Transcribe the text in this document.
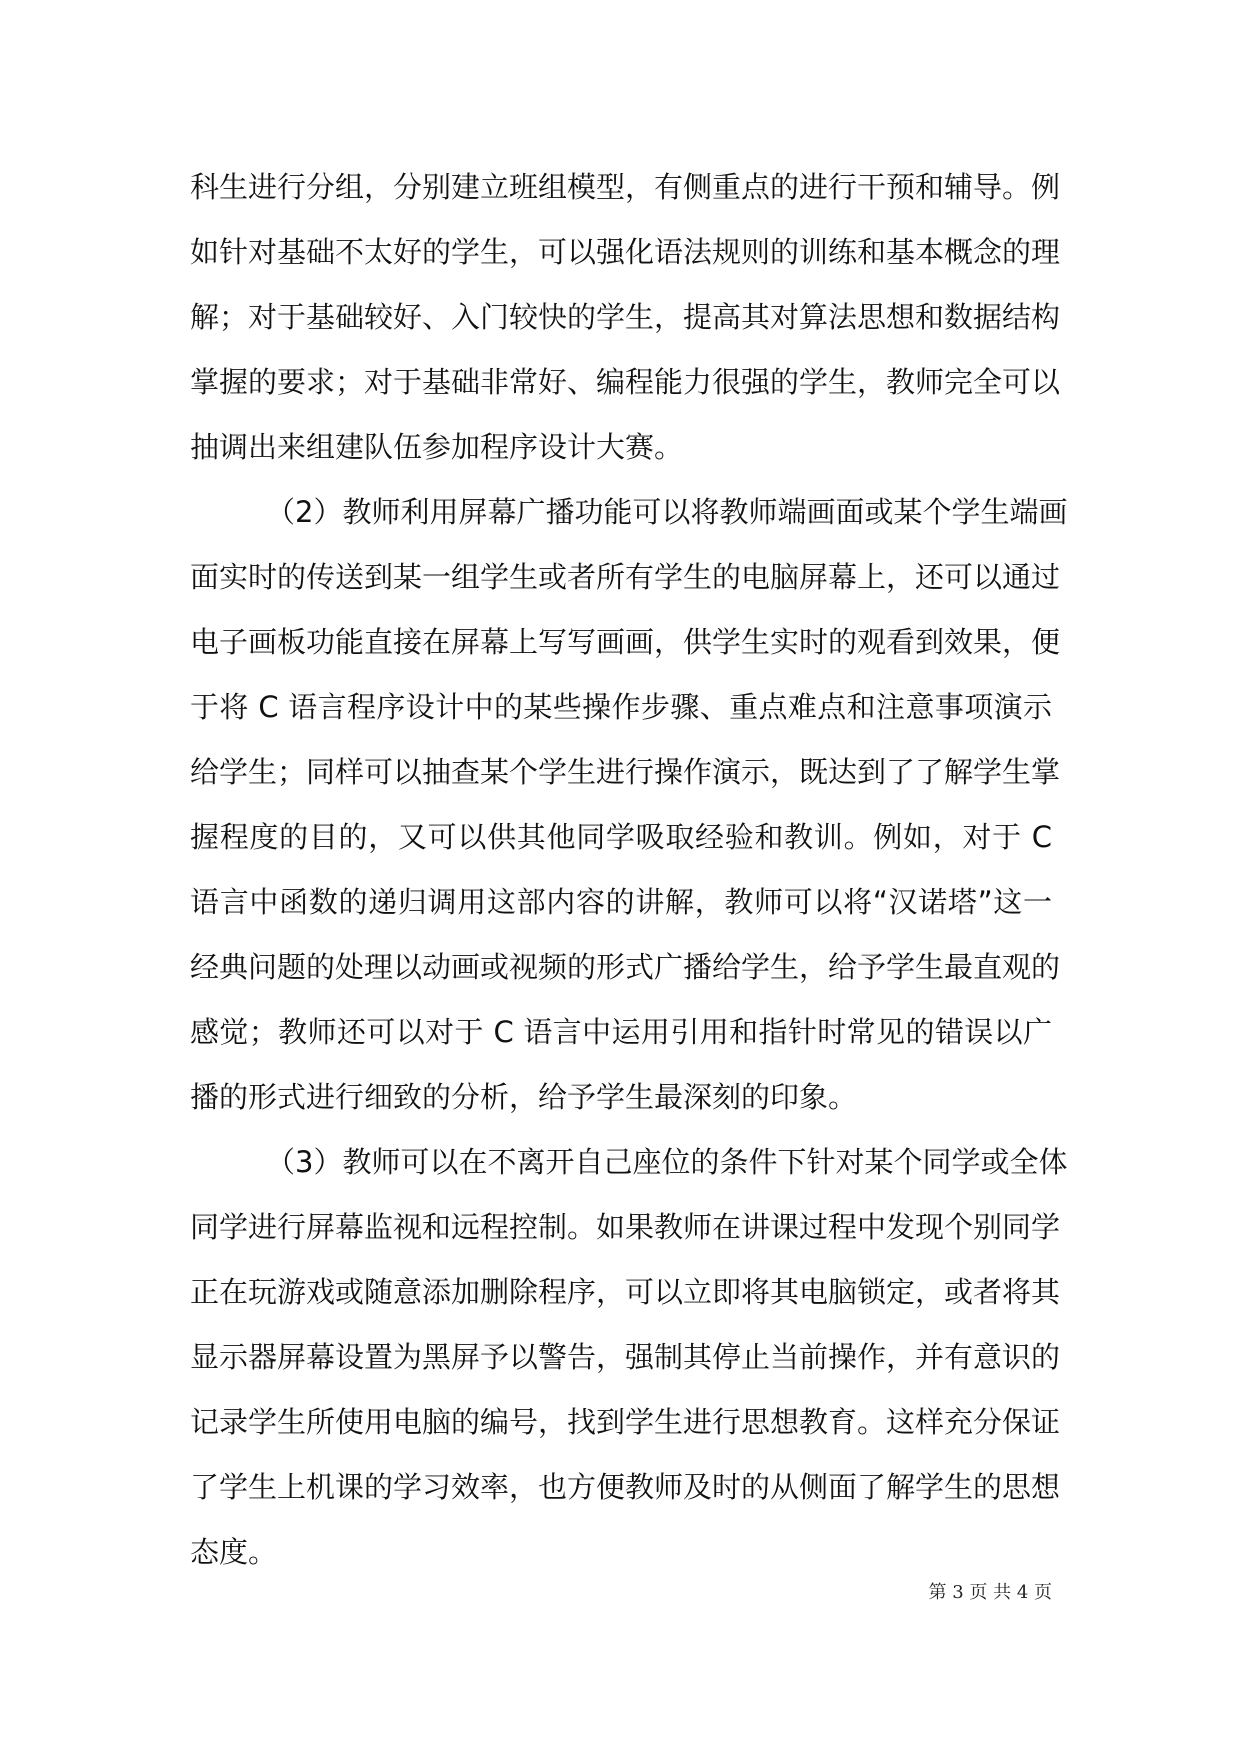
科生进行分组，分别建立班组模型，有侧重点的进行干预和辅导。例
如针对基础不太好的学生，可以强化语法规则的训练和基本概念的理
解；对于基础较好、入门较快的学生，提高其对算法思想和数据结构
掌握的要求；对于基础非常好、编程能力很强的学生，教师完全可以
抽调出来组建队伍参加程序设计大赛。
（2）教师利用屏幕广播功能可以将教师端画面或某个学生端画
面实时的传送到某一组学生或者所有学生的电脑屏幕上，还可以通过
电子画板功能直接在屏幕上写写画画，供学生实时的观看到效果，便
于将 C 语言程序设计中的某些操作步骤、重点难点和注意事项演示
给学生；同样可以抽查某个学生进行操作演示，既达到了了解学生掌
握程度的目的，又可以供其他同学吸取经验和教训。例如，对于 C
语言中函数的递归调用这部内容的讲解，教师可以将“汉诺塔”这一
经典问题的处理以动画或视频的形式广播给学生，给予学生最直观的
感觉；教师还可以对于 C 语言中运用引用和指针时常见的错误以广
播的形式进行细致的分析，给予学生最深刻的印象。
（3）教师可以在不离开自己座位的条件下针对某个同学或全体
同学进行屏幕监视和远程控制。如果教师在讲课过程中发现个别同学
正在玩游戏或随意添加删除程序，可以立即将其电脑锁定，或者将其
显示器屏幕设置为黑屏予以警告，强制其停止当前操作，并有意识的
记录学生所使用电脑的编号，找到学生进行思想教育。这样充分保证
了学生上机课的学习效率，也方便教师及时的从侧面了解学生的思想
态度。
第 3 页 共 4 页
